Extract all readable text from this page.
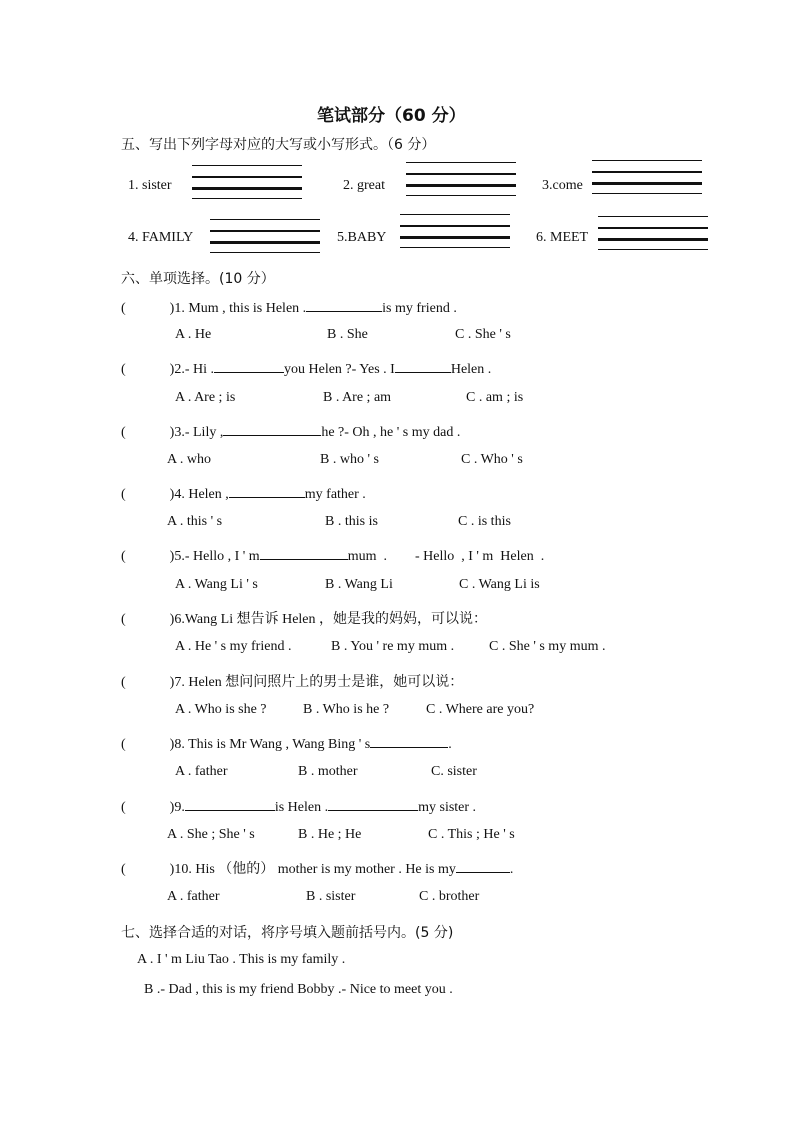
笔试部分（60 分）
五、写出下列字母对应的大写或小写形式。（6 分）
1. sister	2. great	3.come
4. FAMILY	5.BABY	6. MEET
六、单项选择。(10 分）
(	)1. Mum , this is Helen .	is my friend .
A . He	B . She	C . She ' s
(	)2.- Hi .	you Helen ?- Yes . I	Helen .
A . Are ; is	B . Are ; am	C . am ; is
(	)3.- Lily ,	he ?- Oh , he ' s my dad .
A . who	B . who ' s	C . Who ' s
(	)4. Helen ,	my father .
A . this ' s	B . this is	C . is this
(	)5.- Hello , I ' m	mum  .        - Hello  , I ' m  Helen  .
A . Wang Li ' s	B . Wang Li	C . Wang Li is
(	)6.Wang Li 想告诉 Helen ，她是我的妈妈，可以说：
A . He ' s my friend .	B . You ' re my mum . C . She ' s my mum .
(	)7. Helen 想问问照片上的男士是谁，她可以说：
A . Who is she ?	B . Who is he ?	C . Where are you?
(	)8. This is Mr Wang , Wang Bing ' s	.
A . father	B . mother	C. sister
(	)9.	is Helen .	my sister .
A . She ; She ' s	B . He ; He	C . This ; He ' s
(	)10. His （他的） mother is my mother . He is my	.
A . father	B . sister	C . brother
七、选择合适的对话，将序号填入题前括号内。(5 分)
A . I ' m Liu Tao . This is my family .
B .- Dad , this is my friend Bobby .- Nice to meet you .
